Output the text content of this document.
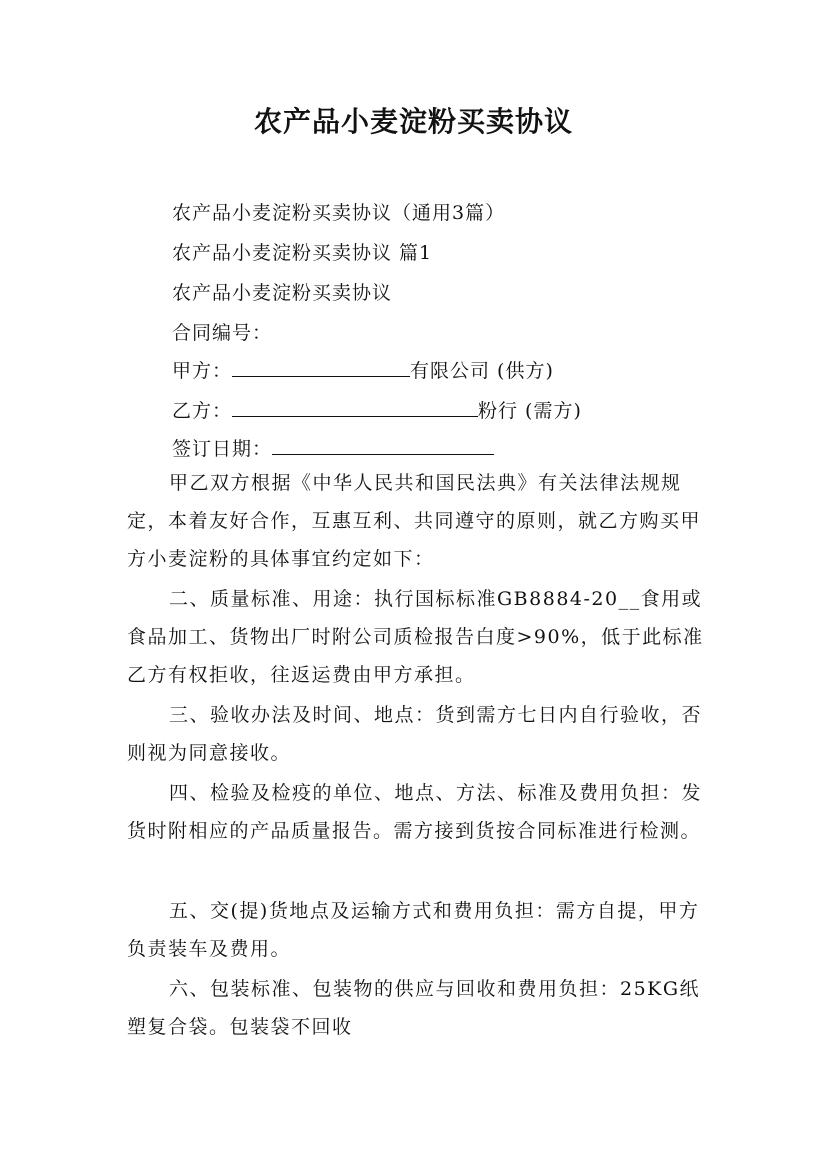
农产品小麦淀粉买卖协议
农产品小麦淀粉买卖协议（通用3篇）
农产品小麦淀粉买卖协议 篇1
农产品小麦淀粉买卖协议
合同编号：
甲方：	有限公司 (供方)
乙方：	粉行 (需方)
签订日期：
甲乙双方根据《中华人民共和国民法典》有关法律法规规定，本着友好合作，互惠互利、共同遵守的原则，就乙方购买甲方小麦淀粉的具体事宜约定如下：
二、质量标准、用途：执行国标标准GB8884-20__食用或食品加工、货物出厂时附公司质检报告白度>90%，低于此标准乙方有权拒收，往返运费由甲方承担。
三、验收办法及时间、地点：货到需方七日内自行验收，否则视为同意接收。
四、检验及检疫的单位、地点、方法、标准及费用负担：发货时附相应的产品质量报告。需方接到货按合同标准进行检测。
五、交(提)货地点及运输方式和费用负担：需方自提，甲方负责装车及费用。
六、包装标准、包装物的供应与回收和费用负担：25KG纸塑复合袋。包装袋不回收
